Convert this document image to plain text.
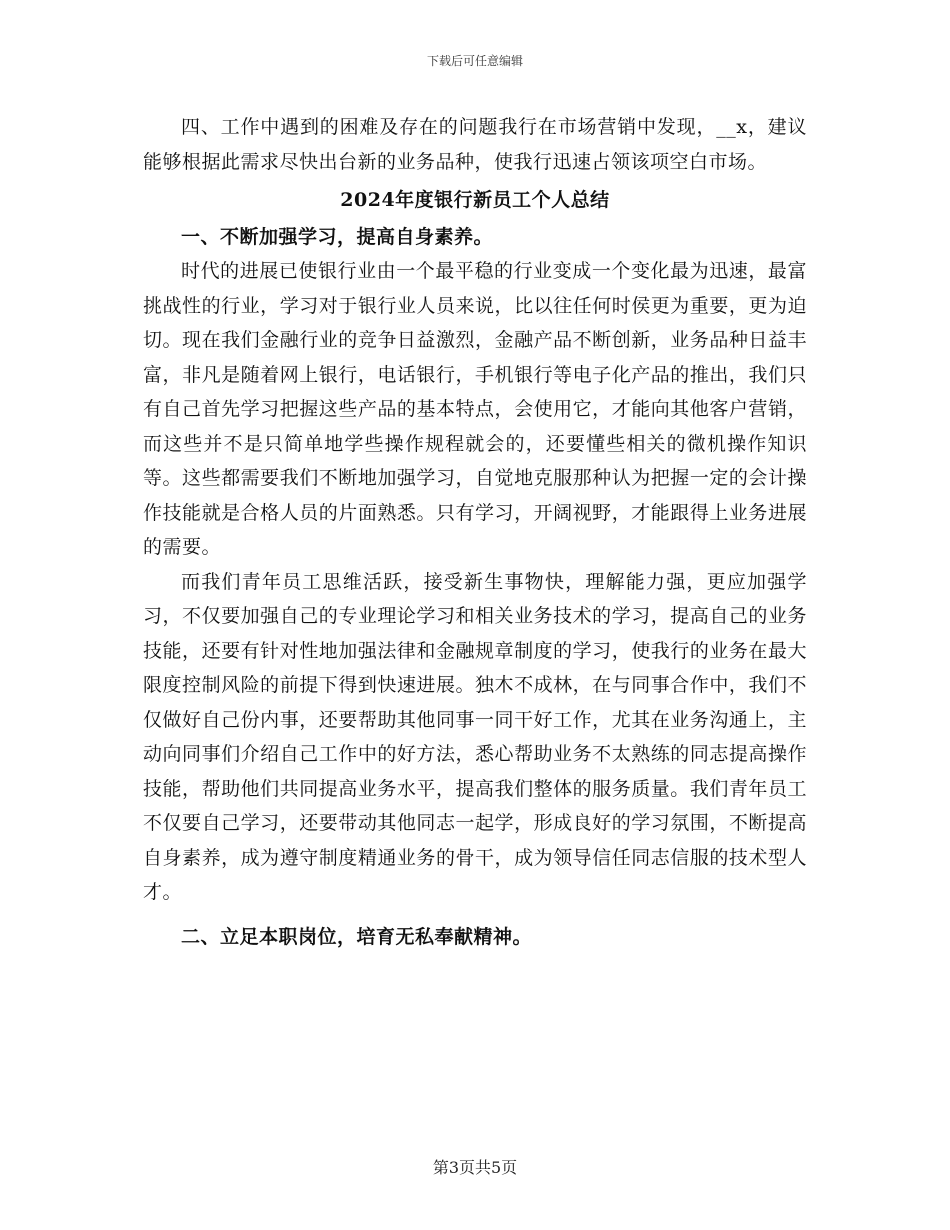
下载后可任意编辑

四、工作中遇到的困难及存在的问题我行在市场营销中发现，__x，建议能够根据此需求尽快出台新的业务品种，使我行迅速占领该项空白市场。

2024年度银行新员工个人总结

一、不断加强学习，提高自身素养。

时代的进展已使银行业由一个最平稳的行业变成一个变化最为迅速，最富挑战性的行业，学习对于银行业人员来说，比以往任何时侯更为重要，更为迫切。现在我们金融行业的竞争日益激烈，金融产品不断创新，业务品种日益丰富，非凡是随着网上银行，电话银行，手机银行等电子化产品的推出，我们只有自己首先学习把握这些产品的基本特点，会使用它，才能向其他客户营销，而这些并不是只简单地学些操作规程就会的，还要懂些相关的微机操作知识等。这些都需要我们不断地加强学习，自觉地克服那种认为把握一定的会计操作技能就是合格人员的片面熟悉。只有学习，开阔视野，才能跟得上业务进展的需要。

而我们青年员工思维活跃，接受新生事物快，理解能力强，更应加强学习，不仅要加强自己的专业理论学习和相关业务技术的学习，提高自己的业务技能，还要有针对性地加强法律和金融规章制度的学习，使我行的业务在最大限度控制风险的前提下得到快速进展。独木不成林，在与同事合作中，我们不仅做好自己份内事，还要帮助其他同事一同干好工作，尤其在业务沟通上，主动向同事们介绍自己工作中的好方法，悉心帮助业务不太熟练的同志提高操作技能，帮助他们共同提高业务水平，提高我们整体的服务质量。我们青年员工不仅要自己学习，还要带动其他同志一起学，形成良好的学习氛围，不断提高自身素养，成为遵守制度精通业务的骨干，成为领导信任同志信服的技术型人才。

二、立足本职岗位，培育无私奉献精神。

第3页共5页
